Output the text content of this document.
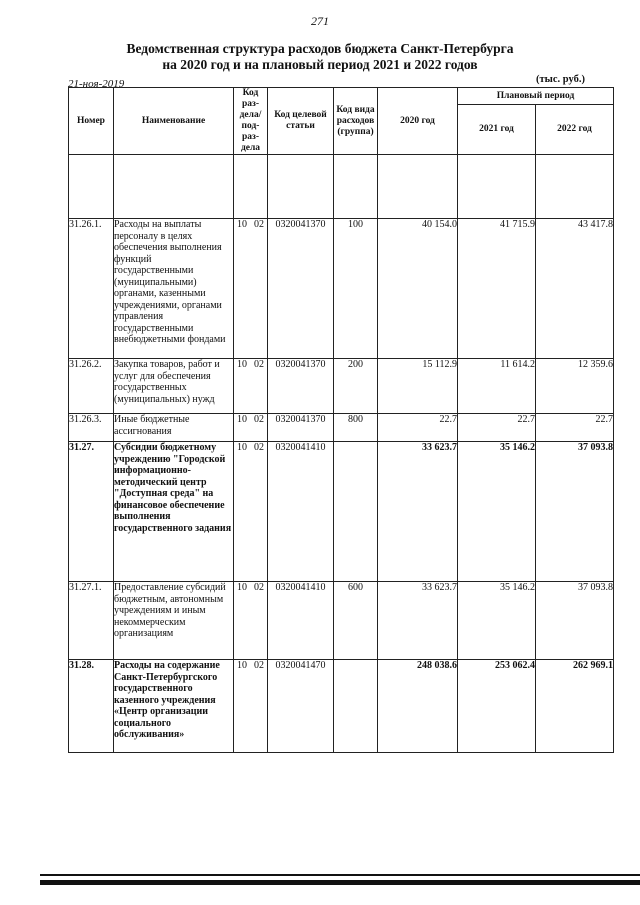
271
Ведомственная структура расходов бюджета Санкт-Петербурга
на 2020 год и на плановый период 2021 и 2022 годов
21-ноя-2019	(тыс. руб.)
Номер	Наименование	Код раз- дела/ под- раз- дела	Код целевой статьи	Код вида расходов (группа)	2020 год	Плановый период	
						2021 год	2022 год

31.26.1.	Расходы на выплаты персоналу в целях обеспечения выполнения функций государственными (муниципальными) органами, казенными учреждениями, органами управления государственными внебюджетными фондами	10 02	0320041370	100	40 154.0	41 715.9	43 417.8
31.26.2.	Закупка товаров, работ и услуг для обеспечения государственных (муниципальных) нужд	10 02	0320041370	200	15 112.9	11 614.2	12 359.6
31.26.3.	Иные бюджетные ассигнования	10 02	0320041370	800	22.7	22.7	22.7
31.27.	Субсидии бюджетному учреждению "Городской информационно-методический центр "Доступная среда" на финансовое обеспечение выполнения государственного задания	10 02	0320041410		33 623.7	35 146.2	37 093.8
31.27.1.	Предоставление субсидий бюджетным, автономным учреждениям и иным некоммерческим организациям	10 02	0320041410	600	33 623.7	35 146.2	37 093.8
31.28.	Расходы на содержание Санкт-Петербургского государственного казенного учреждения «Центр организации социального обслуживания»	10 02	0320041470		248 038.6	253 062.4	262 969.1
